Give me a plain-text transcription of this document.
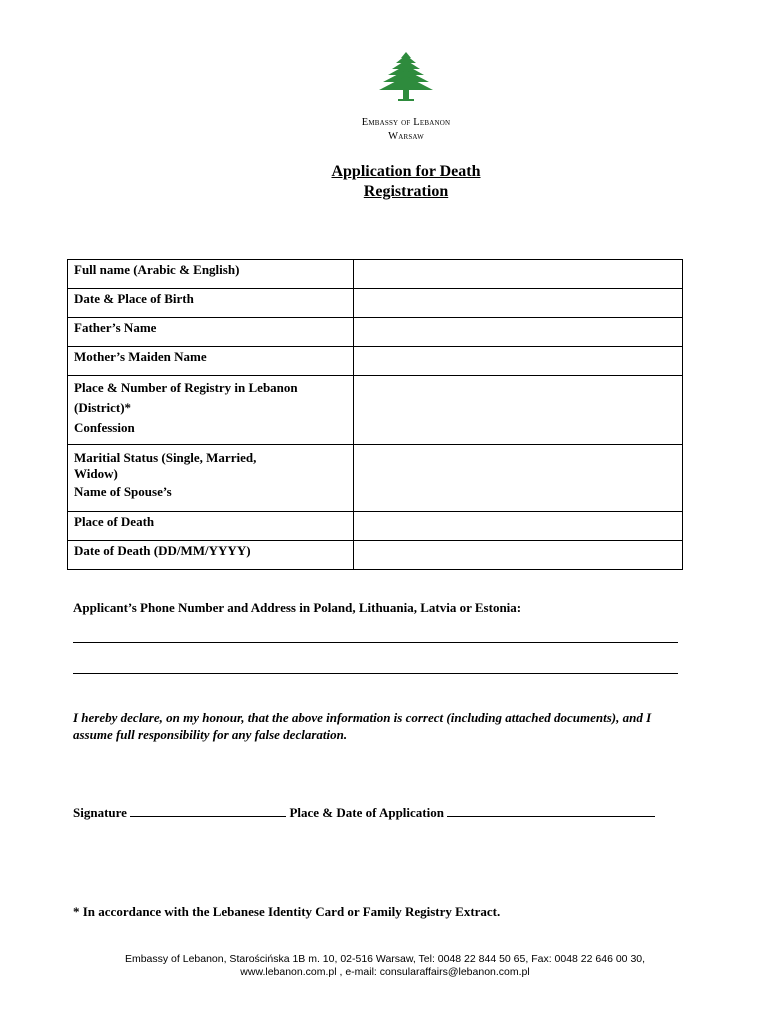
Embassy of Lebanon
Warsaw
Application for Death
Registration
Full name (Arabic & English)	

Date & Place of Birth	

Father’s Name	

Mother’s Maiden Name	

Place & Number of Registry in Lebanon
(District)*
Confession	

Maritial Status (Single, Married,
Widow)
Name of Spouse’s	

Place of Death	

Date of Death (DD/MM/YYYY)	

Applicant’s Phone Number and Address in Poland, Lithuania, Latvia or Estonia:
I hereby declare, on my honour, that the above information is correct (including attached documents), and I assume full responsibility for any false declaration.
Signature	Place & Date of Application
* In accordance with the Lebanese Identity Card or Family Registry Extract.
Embassy of Lebanon, Starościńska 1B m. 10, 02-516 Warsaw, Tel: 0048 22 844 50 65, Fax: 0048 22 646 00 30,
www.lebanon.com.pl , e-mail: consularaffairs@lebanon.com.pl
